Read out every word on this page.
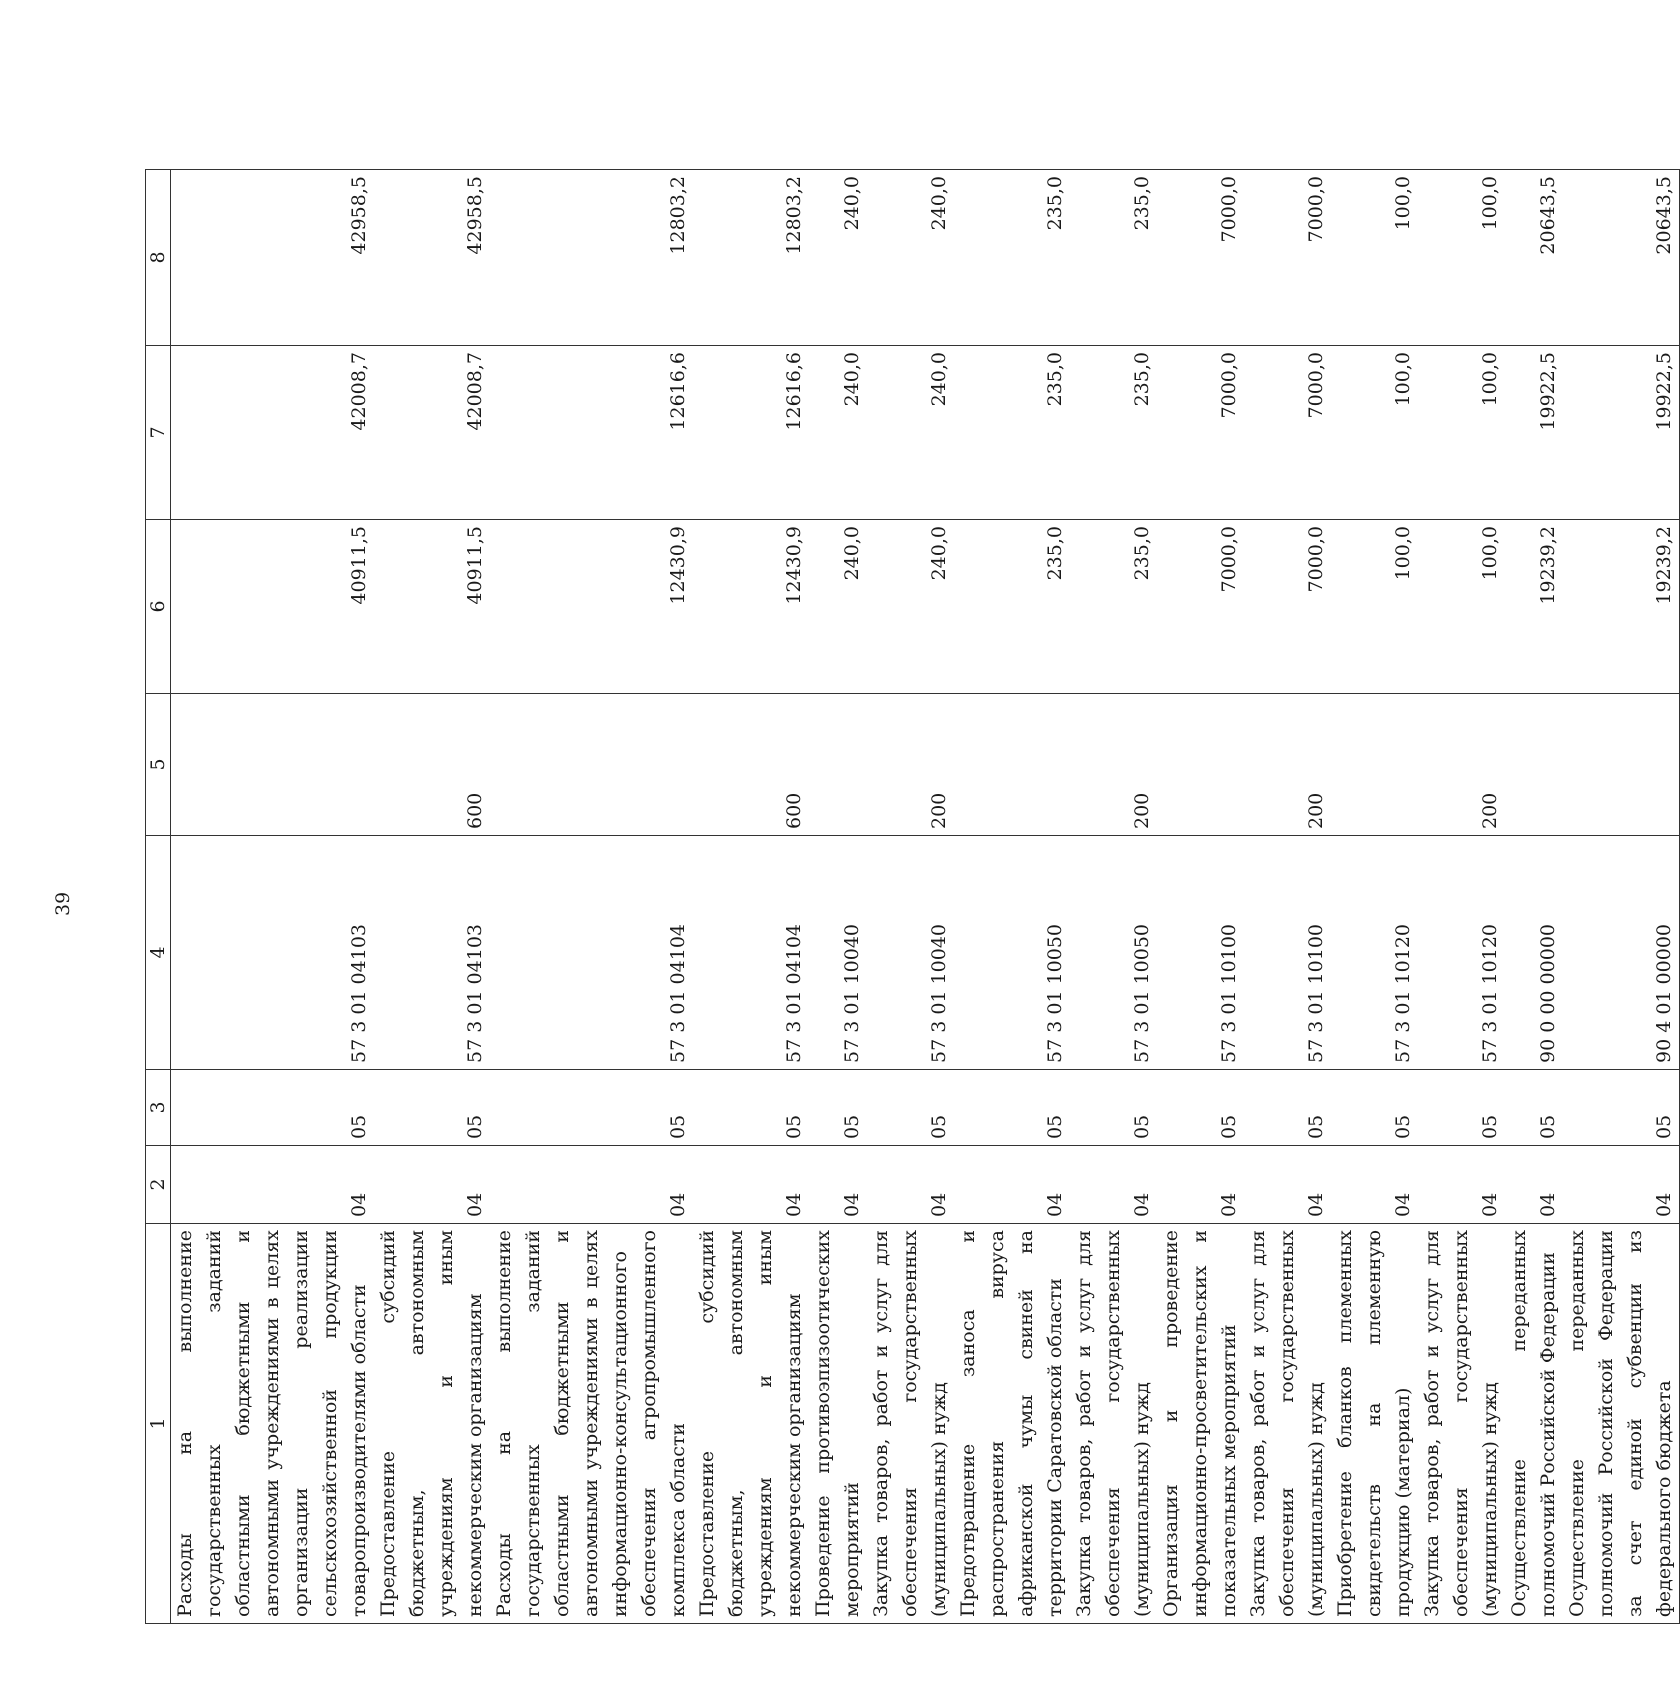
39
1	2	3	4	5	6	7	8
Расходы на выполнение государственных заданий областными бюджетными и автономными учреждениями в целях организации реализации сельскохозяйственной продукции товаропроизводителями области	04	05	57 3 01 04103		40911,5	42008,7	42958,5
Предоставление субсидий бюджетным, автономным учреждениям и иным некоммерческим организациям	04	05	57 3 01 04103	600	40911,5	42008,7	42958,5
Расходы на выполнение государственных заданий областными бюджетными и автономными учреждениями в целях информационно-консультационного обеспечения агропромышленного комплекса области	04	05	57 3 01 04104		12430,9	12616,6	12803,2
Предоставление субсидий бюджетным, автономным учреждениям и иным некоммерческим организациям	04	05	57 3 01 04104	600	12430,9	12616,6	12803,2
Проведение противоэпизоотических мероприятий	04	05	57 3 01 10040		240,0	240,0	240,0
Закупка товаров, работ и услуг для обеспечения государственных (муниципальных) нужд	04	05	57 3 01 10040	200	240,0	240,0	240,0
Предотвращение заноса и распространения вируса африканской чумы свиней на территории Саратовской области	04	05	57 3 01 10050		235,0	235,0	235,0
Закупка товаров, работ и услуг для обеспечения государственных (муниципальных) нужд	04	05	57 3 01 10050	200	235,0	235,0	235,0
Организация и проведение информационно-просветительских и показательных мероприятий	04	05	57 3 01 10100		7000,0	7000,0	7000,0
Закупка товаров, работ и услуг для обеспечения государственных (муниципальных) нужд	04	05	57 3 01 10100	200	7000,0	7000,0	7000,0
Приобретение бланков племенных свидетельств на племенную продукцию (материал)	04	05	57 3 01 10120		100,0	100,0	100,0
Закупка товаров, работ и услуг для обеспечения государственных (муниципальных) нужд	04	05	57 3 01 10120	200	100,0	100,0	100,0
Осуществление переданных полномочий Российской Федерации	04	05	90 0 00 00000		19239,2	19922,5	20643,5
Осуществление переданных полномочий Российской Федерации за счет единой субвенции из федерального бюджета	04	05	90 4 01 00000		19239,2	19922,5	20643,5
